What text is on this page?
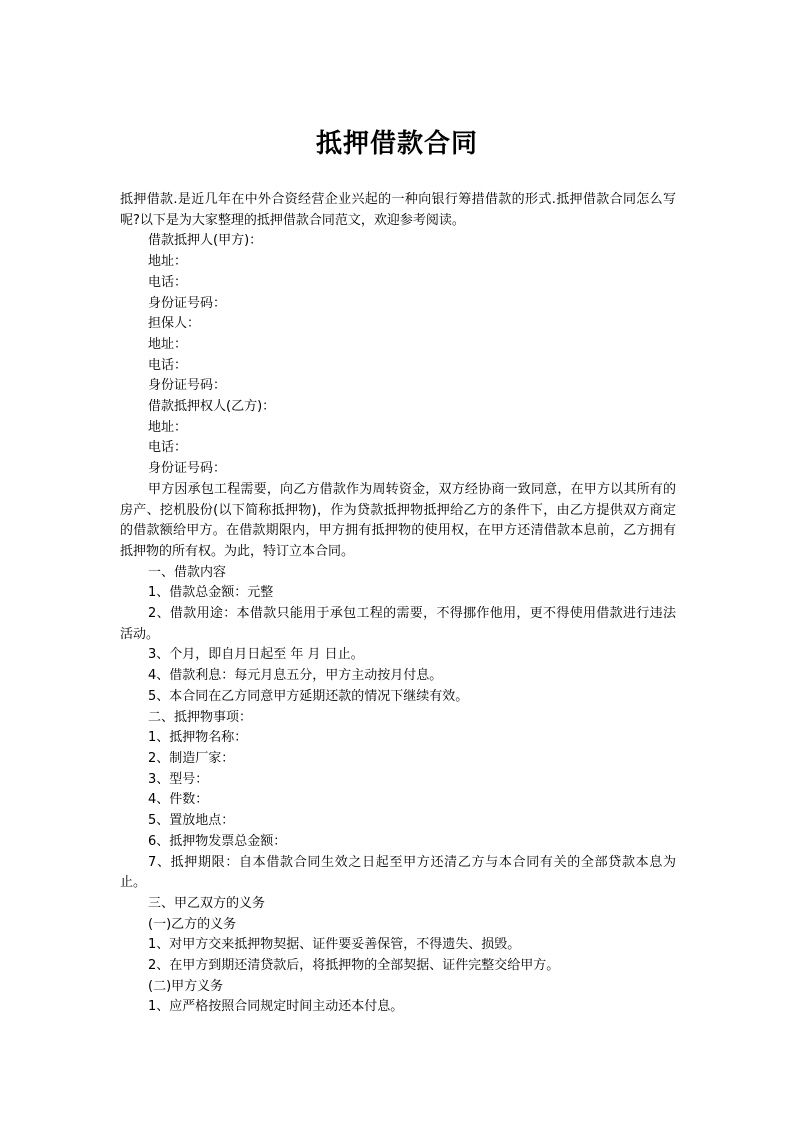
抵押借款合同

抵押借款.是近几年在中外合资经营企业兴起的一种向银行筹措借款的形式.抵押借款合同怎么写呢?以下是为大家整理的抵押借款合同范文，欢迎参考阅读。

借款抵押人(甲方)：

地址：

电话：

身份证号码：

担保人：

地址：

电话：

身份证号码：

借款抵押权人(乙方)：

地址：

电话：

身份证号码：

甲方因承包工程需要，向乙方借款作为周转资金，双方经协商一致同意，在甲方以其所有的房产、挖机股份(以下简称抵押物)，作为贷款抵押物抵押给乙方的条件下，由乙方提供双方商定的借款额给甲方。在借款期限内，甲方拥有抵押物的使用权，在甲方还清借款本息前，乙方拥有抵押物的所有权。为此，特订立本合同。

一、借款内容

1、借款总金额：元整

2、借款用途：本借款只能用于承包工程的需要，不得挪作他用，更不得使用借款进行违法活动。

3、个月，即自月日起至 年 月 日止。

4、借款利息：每元月息五分，甲方主动按月付息。

5、本合同在乙方同意甲方延期还款的情况下继续有效。

二、抵押物事项：

1、抵押物名称：

2、制造厂家：

3、型号：

4、件数：

5、置放地点：

6、抵押物发票总金额：

7、抵押期限：自本借款合同生效之日起至甲方还清乙方与本合同有关的全部贷款本息为止。

三、甲乙双方的义务

(一)乙方的义务

1、对甲方交来抵押物契据、证件要妥善保管，不得遗失、损毁。

2、在甲方到期还清贷款后，将抵押物的全部契据、证件完整交给甲方。

(二)甲方义务

1、应严格按照合同规定时间主动还本付息。
